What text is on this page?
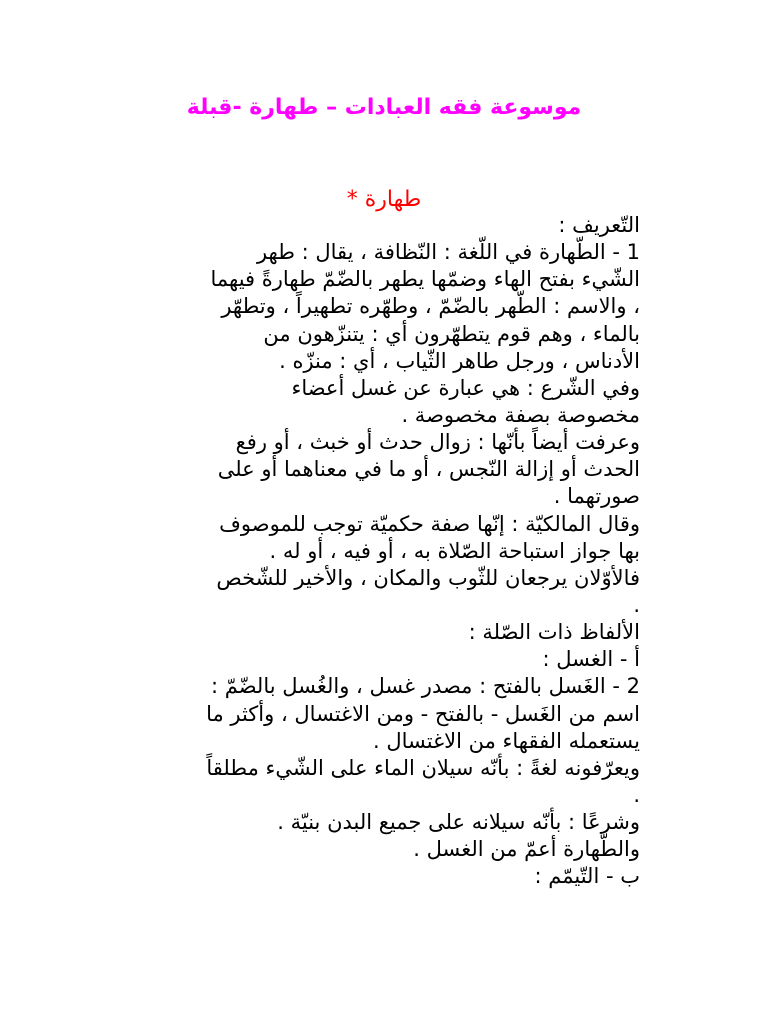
موسوعة فقه العبادات – طهارة -قبلة
طهارة *
التّعريف :
1 - الطّهارة في اللّغة : النّظافة ، يقال : طهر
الشّيء بفتح الهاء وضمّها يطهر بالضّمّ طهارةً فيهما
، والاسم : الطّهر بالضّمّ ، وطهّره تطهيراً ، وتطهّر
بالماء ، وهم قوم يتطهّرون أي : يتنزّهون من
الأدناس ، ورجل طاهر الثّياب ، أي : منزّه .
وفي الشّرع : هي عبارة عن غسل أعضاء
مخصوصة بصفة مخصوصة .
وعرفت أيضاً بأنّها : زوال حدث أو خبث ، أو رفع
الحدث أو إزالة النّجس ، أو ما في معناهما أو على
صورتهما .
وقال المالكيّة : إنّها صفة حكميّة توجب للموصوف
بها جواز استباحة الصّلاة به ، أو فيه ، أو له .
فالأوّلان يرجعان للثّوب والمكان ، والأخير للشّخص
.
الألفاظ ذات الصّلة :
أ - الغسل :
2 - الغَسل بالفتح : مصدر غسل ، والغُسل بالضّمّ :
اسم من الغَسل - بالفتح - ومن الاغتسال ، وأكثر ما
يستعمله الفقهاء من الاغتسال .
ويعرّفونه لغةً : بأنّه سيلان الماء على الشّيء مطلقاً
.
وشرعًا : بأنّه سيلانه على جميع البدن بنيّة .
والطّهارة أعمّ من الغسل .
ب - التّيمّم :
